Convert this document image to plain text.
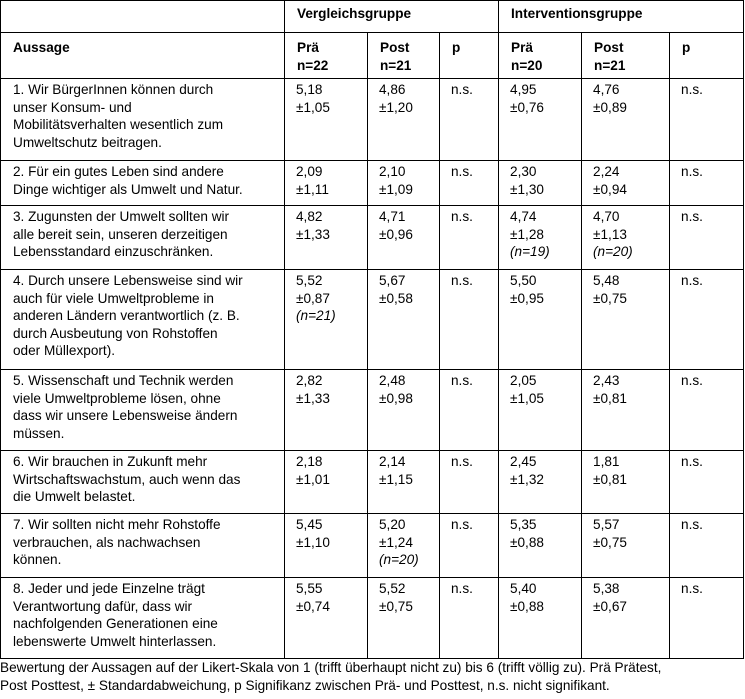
	Vergleichsgruppe			Interventionsgruppe		

Aussage	Prä
n=22	Post
n=21	p	Prä
n=20	Post
n=21	p

1. Wir BürgerInnen können durch
unser Konsum- und
Mobilitätsverhalten wesentlich zum
Umweltschutz beitragen.	5,18
±1,05	4,86
±1,20	n.s.	4,95
±0,76	4,76
±0,89	n.s.

2. Für ein gutes Leben sind andere
Dinge wichtiger als Umwelt und Natur.	2,09
±1,11	2,10
±1,09	n.s.	2,30
±1,30	2,24
±0,94	n.s.

3. Zugunsten der Umwelt sollten wir
alle bereit sein, unseren derzeitigen
Lebensstandard einzuschränken.	4,82
±1,33	4,71
±0,96	n.s.	4,74
±1,28
(n=19)	4,70
±1,13
(n=20)	n.s.

4. Durch unsere Lebensweise sind wir
auch für viele Umweltprobleme in
anderen Ländern verantwortlich (z. B.
durch Ausbeutung von Rohstoffen
oder Müllexport).	5,52
±0,87
(n=21)	5,67
±0,58	n.s.	5,50
±0,95	5,48
±0,75	n.s.

5. Wissenschaft und Technik werden
viele Umweltprobleme lösen, ohne
dass wir unsere Lebensweise ändern
müssen.	2,82
±1,33	2,48
±0,98	n.s.	2,05
±1,05	2,43
±0,81	n.s.

6. Wir brauchen in Zukunft mehr
Wirtschaftswachstum, auch wenn das
die Umwelt belastet.	2,18
±1,01	2,14
±1,15	n.s.	2,45
±1,32	1,81
±0,81	n.s.

7. Wir sollten nicht mehr Rohstoffe
verbrauchen, als nachwachsen
können.	5,45
±1,10	5,20
±1,24
(n=20)	n.s.	5,35
±0,88	5,57
±0,75	n.s.

8. Jeder und jede Einzelne trägt
Verantwortung dafür, dass wir
nachfolgenden Generationen eine
lebenswerte Umwelt hinterlassen.	5,55
±0,74	5,52
±0,75	n.s.	5,40
±0,88	5,38
±0,67	n.s.
Bewertung der Aussagen auf der Likert-Skala von 1 (trifft überhaupt nicht zu) bis 6 (trifft völlig zu). Prä Prätest,
Post Posttest, ± Standardabweichung, p Signifikanz zwischen Prä- und Posttest, n.s. nicht signifikant.
